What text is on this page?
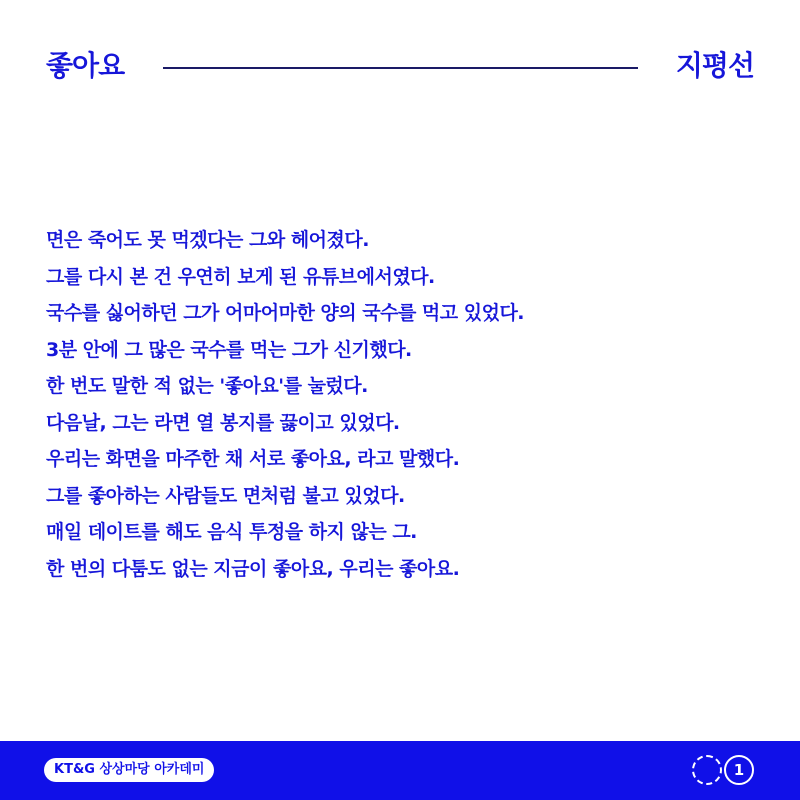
좋아요	지평선
면은 죽어도 못 먹겠다는 그와 헤어졌다.
그를 다시 본 건 우연히 보게 된 유튜브에서였다.
국수를 싫어하던 그가 어마어마한 양의 국수를 먹고 있었다.
3분 안에 그 많은 국수를 먹는 그가 신기했다.
한 번도 말한 적 없는 '좋아요'를 눌렀다.
다음날, 그는 라면 열 봉지를 끓이고 있었다.
우리는 화면을 마주한 채 서로 좋아요, 라고 말했다.
그를 좋아하는 사람들도 면처럼 불고 있었다.
매일 데이트를 해도 음식 투정을 하지 않는 그.
한 번의 다툼도 없는 지금이 좋아요, 우리는 좋아요.
KT&G 상상마당 아카데미	1
